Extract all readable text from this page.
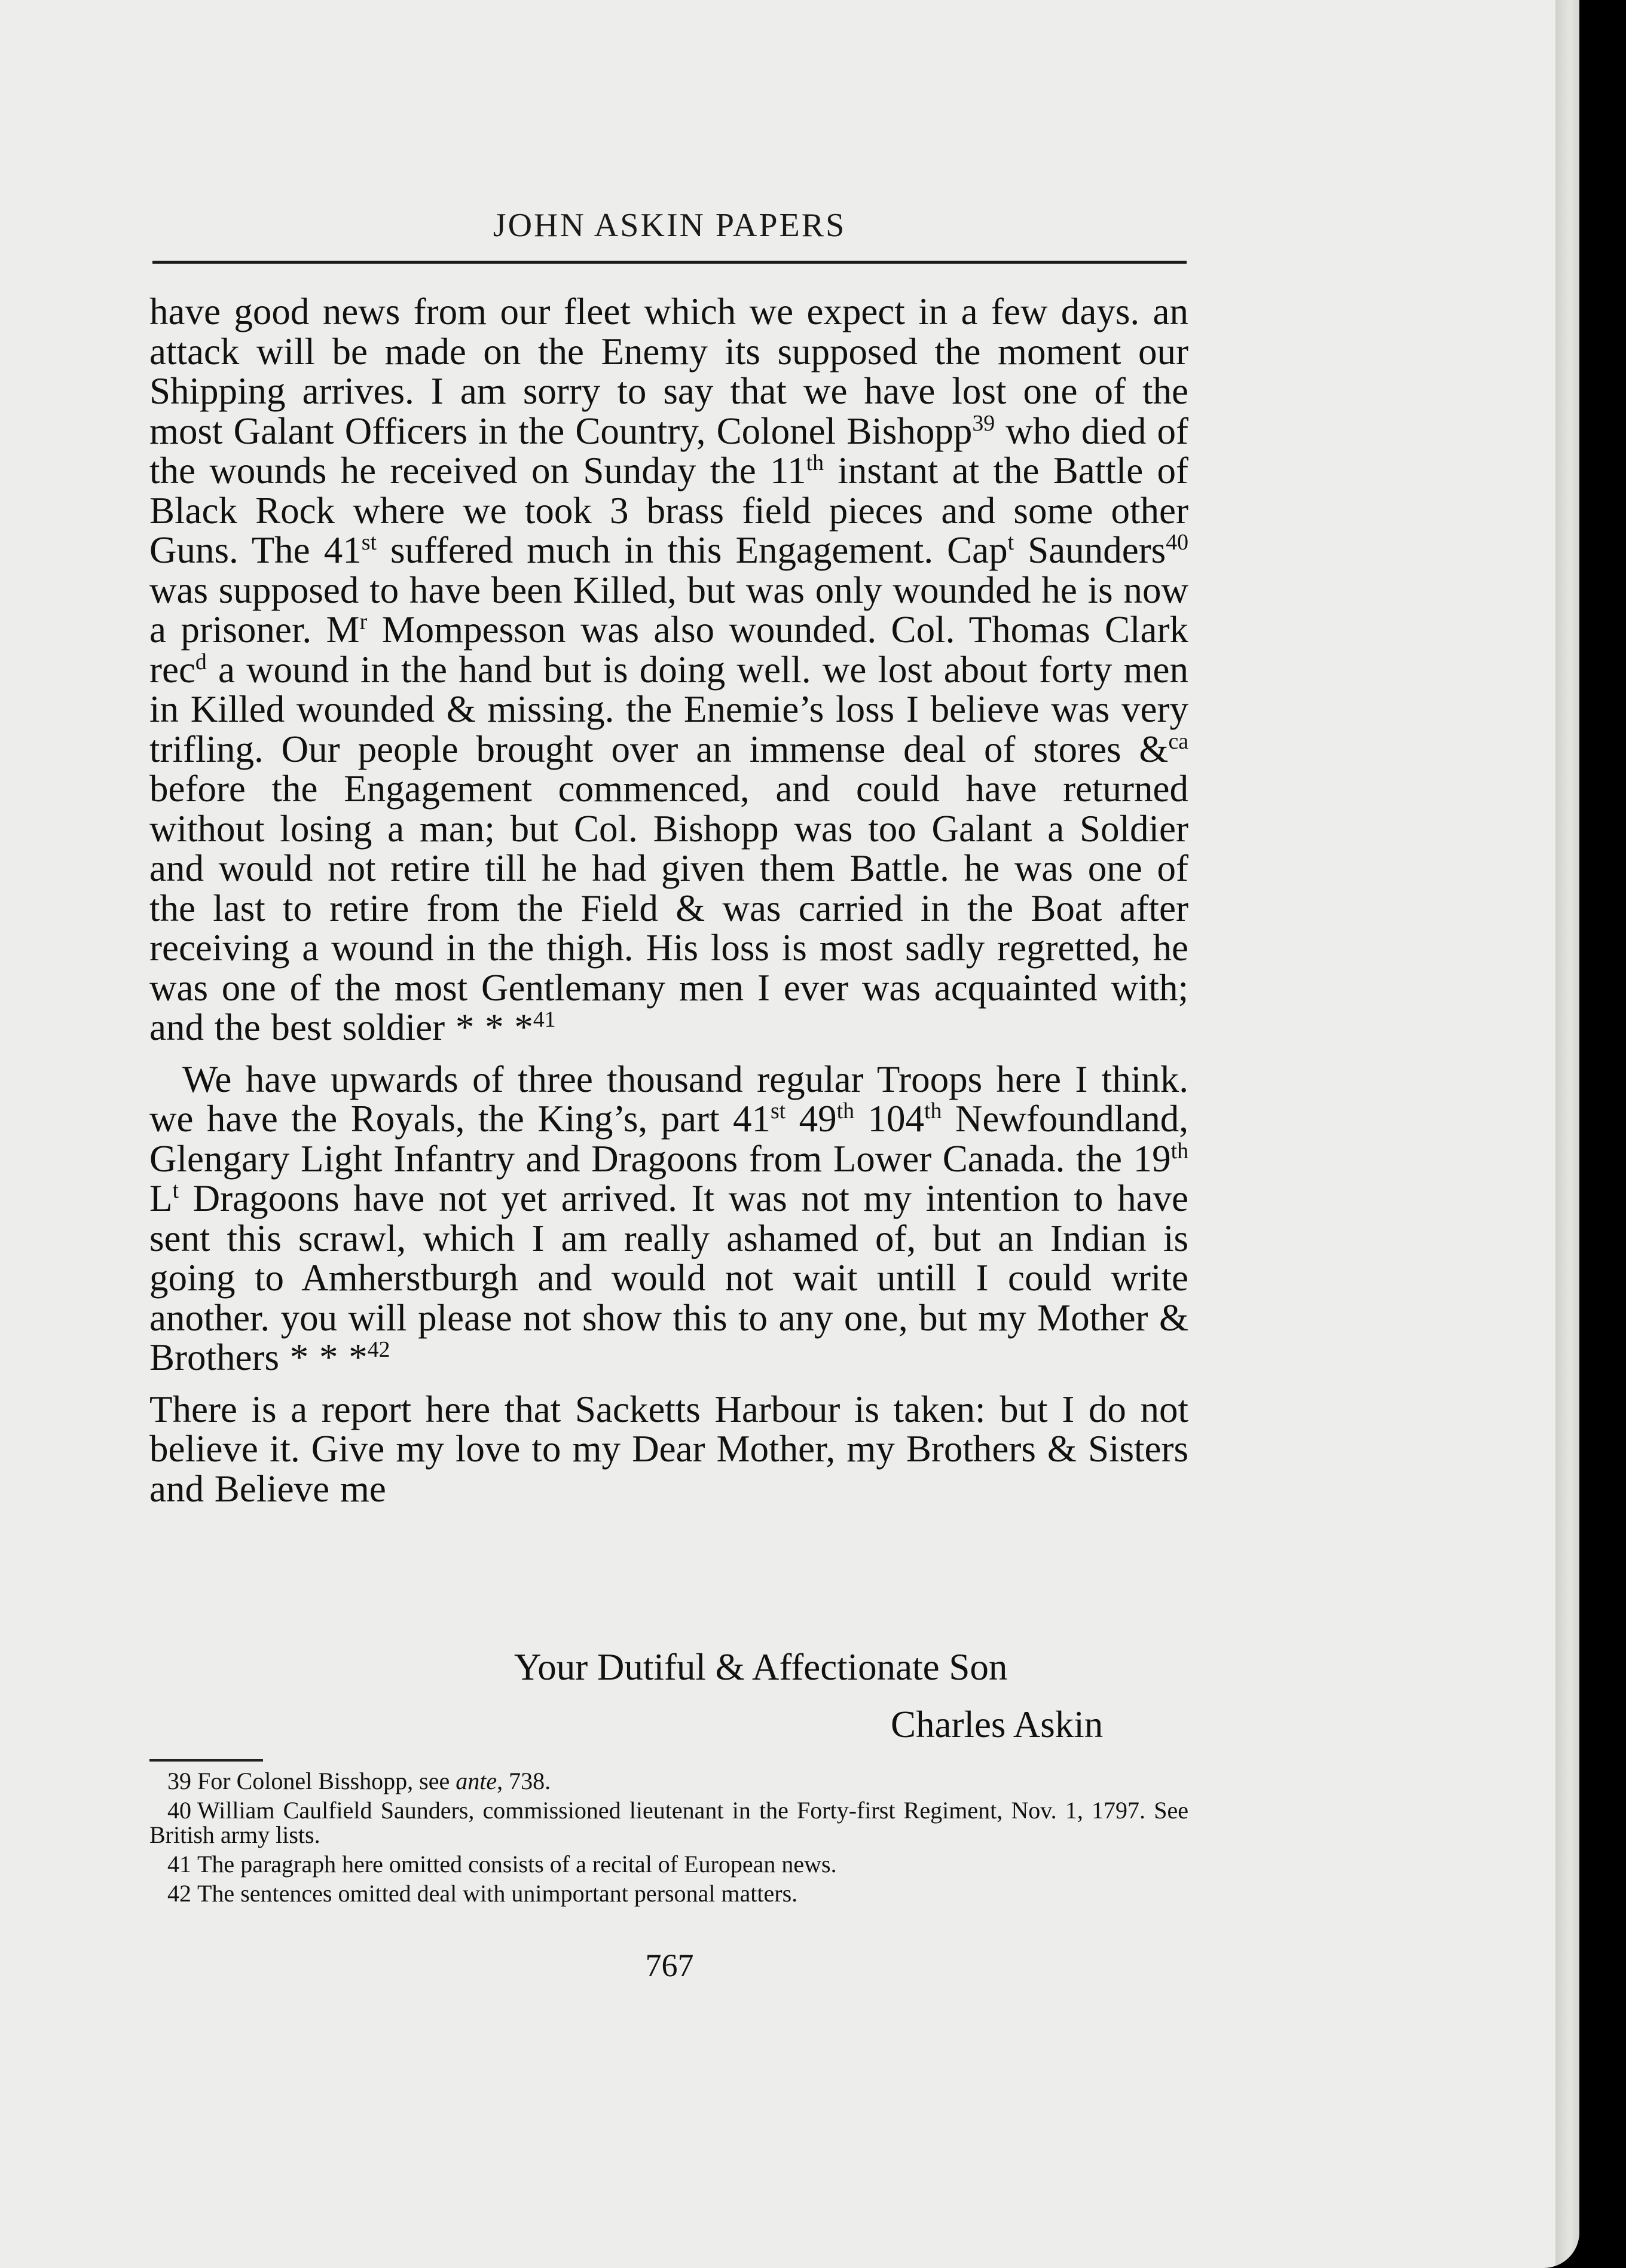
JOHN ASKIN PAPERS

have good news from our fleet which we expect in a few days. an attack will be made on the Enemy its supposed the moment our Shipping arrives. I am sorry to say that we have lost one of the most Galant Officers in the Country, Colonel Bishopp$^{39}$ who died of the wounds he received on Sunday the 11th instant at the Battle of Black Rock where we took 3 brass field pieces and some other Guns. The 41st suffered much in this Engagement. Cap$^t$ Saunders$^{40}$ was supposed to have been Killed, but was only wounded he is now a prisoner. $M^r$ Mompesson was also wounded. Col. Thomas Clark rec$^d$ a wound in the hand but is doing well. we lost about forty men in Killed wounded & missing. the Enemie’s loss I believe was very trifling. Our people brought over an immense deal of stores &$^{ca}$ before the Engagement commenced, and could have returned without losing a man; but Col. Bishopp was too Galant a Soldier and would not retire till he had given them Battle. he was one of the last to retire from the Field & was carried in the Boat after receiving a wound in the thigh. His loss is most sadly regretted, he was one of the most Gentlemany men I ever was acquainted with; and the best soldier * * *$^{41}$

We have upwards of three thousand regular Troops here I think. we have the Royals, the King’s, part 41st 49th 104th Newfoundland, Glengary Light Infantry and Dragoons from Lower Canada. the 19th $L^t$ Dragoons have not yet arrived. It was not my intention to have sent this scrawl, which I am really ashamed of, but an Indian is going to Amherstburgh and would not wait untill I could write another. you will please not show this to any one, but my Mother & Brothers * * *$^{42}$

There is a report here that Sacketts Harbour is taken: but I do not believe it. Give my love to my Dear Mother, my Brothers & Sisters and Believe me

Your Dutiful & Affectionate Son
Charles Askin

39 For Colonel Bisshopp, see ante, 738.

40 William Caulfield Saunders, commissioned lieutenant in the Forty-first Regiment, Nov. 1, 1797. See British army lists.

41 The paragraph here omitted consists of a recital of European news.

42 The sentences omitted deal with unimportant personal matters.

767
